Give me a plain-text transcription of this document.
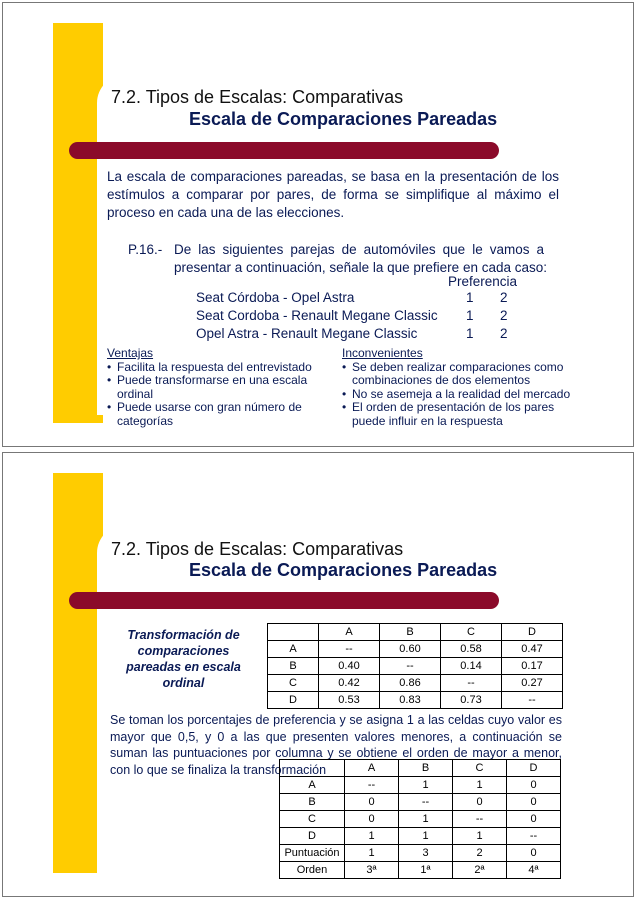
7.2. Tipos de Escalas: Comparativas
Escala de Comparaciones Pareadas
La escala de comparaciones pareadas, se basa en la presentación de los estímulos a comparar por pares, de forma se simplifique al máximo el proceso en cada una de las elecciones.
P.16.- De las siguientes parejas de automóviles que le vamos a
presentar a continuación, señale la que prefiere en cada caso:
Preferencia
Seat Córdoba - Opel Astra	1	2
Seat Cordoba - Renault Megane Classic	1	2
Opel Astra - Renault Megane Classic	1	2
Ventajas
• Facilita la respuesta del entrevistado
• Puede transformarse en una escala ordinal
• Puede usarse con gran número de categorías
Inconvenientes
• Se deben realizar comparaciones como combinaciones de dos elementos
• No se asemeja a la realidad del mercado
• El orden de presentación de los pares puede influir en la respuesta
7.2. Tipos de Escalas: Comparativas
Escala de Comparaciones Pareadas
Transformación de comparaciones pareadas en escala ordinal
	A	B	C	D
A	--	0.60	0.58	0.47
B	0.40	--	0.14	0.17
C	0.42	0.86	--	0.27
D	0.53	0.83	0.73	--
Se toman los porcentajes de preferencia y se asigna 1 a las celdas cuyo valor es mayor que 0,5, y 0 a las que presenten valores menores, a continuación se suman las puntuaciones por columna y se obtiene el orden de mayor a menor, con lo que se finaliza la transformación
		A	B	C	D
A	--	1	1	0
B	0	--	0	0
C	0	1	--	0
D	1	1	1	--
Puntuación	1	3	2	0
Orden	3ª	1ª	2ª	4ª
